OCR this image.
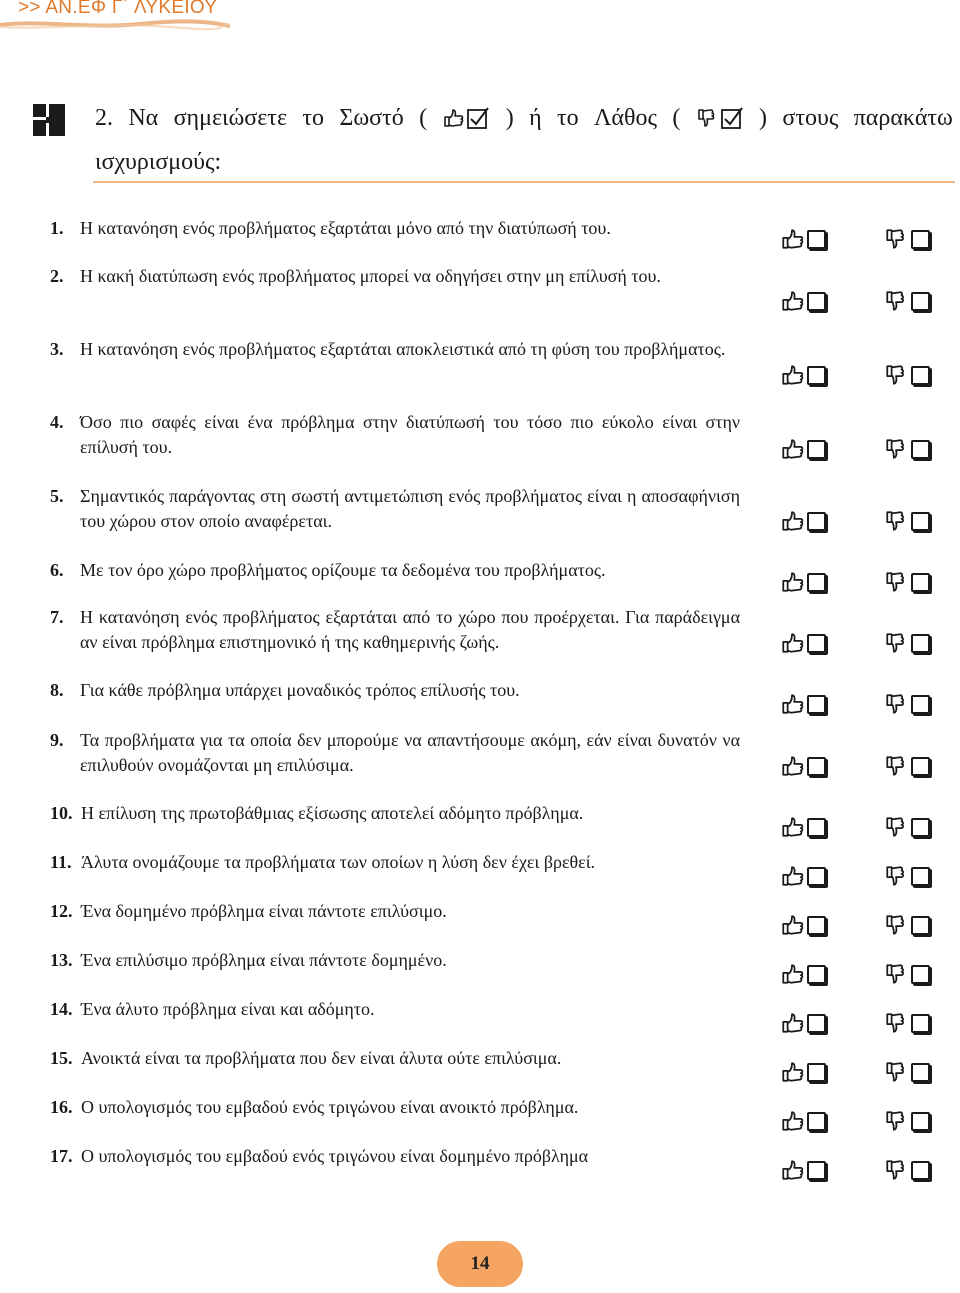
>> ΑΝ.ΕΦ Γ΄ ΛΥΚΕΙΟΥ
2. Να σημειώσετε το Σωστό (	) ή το Λάθος (	) στους παρακάτω
ισχυρισμούς:
1. Η κατανόηση ενός προβλήματος εξαρτάται μόνο από την διατύπωσή του.
2. Η κακή διατύπωση ενός προβλήματος μπορεί να οδηγήσει στην μη επίλυσή του.
3. Η κατανόηση ενός προβλήματος εξαρτάται αποκλειστικά από τη φύση του προβλήματος.
4. Όσο πιο σαφές είναι ένα πρόβλημα στην διατύπωσή του τόσο πιο εύκολο είναι στην επίλυσή του.
5. Σημαντικός παράγοντας στη σωστή αντιμετώπιση ενός προβλήματος είναι η αποσαφήνιση του χώρου στον οποίο αναφέρεται.
6. Με τον όρο χώρο προβλήματος ορίζουμε τα δεδομένα του προβλήματος.
7. Η κατανόηση ενός προβλήματος εξαρτάται από το χώρο που προέρχεται. Για παράδειγμα αν είναι πρόβλημα επιστημονικό ή της καθημερινής ζωής.
8. Για κάθε πρόβλημα υπάρχει μοναδικός τρόπος επίλυσής του.
9. Τα προβλήματα για τα οποία δεν μπορούμε να απαντήσουμε ακόμη, εάν είναι δυνατόν να επιλυθούν ονομάζονται μη επιλύσιμα.
10. Η επίλυση της πρωτοβάθμιας εξίσωσης αποτελεί αδόμητο πρόβλημα.
11. Άλυτα ονομάζουμε τα προβλήματα των οποίων η λύση δεν έχει βρεθεί.
12. Ένα δομημένο πρόβλημα είναι πάντοτε επιλύσιμο.
13. Ένα επιλύσιμο πρόβλημα είναι πάντοτε δομημένο.
14. Ένα άλυτο πρόβλημα είναι και αδόμητο.
15. Ανοικτά είναι τα προβλήματα που δεν είναι άλυτα ούτε επιλύσιμα.
16. Ο υπολογισμός του εμβαδού ενός τριγώνου είναι ανοικτό πρόβλημα.
17. Ο υπολογισμός του εμβαδού ενός τριγώνου είναι δομημένο πρόβλημα
14
